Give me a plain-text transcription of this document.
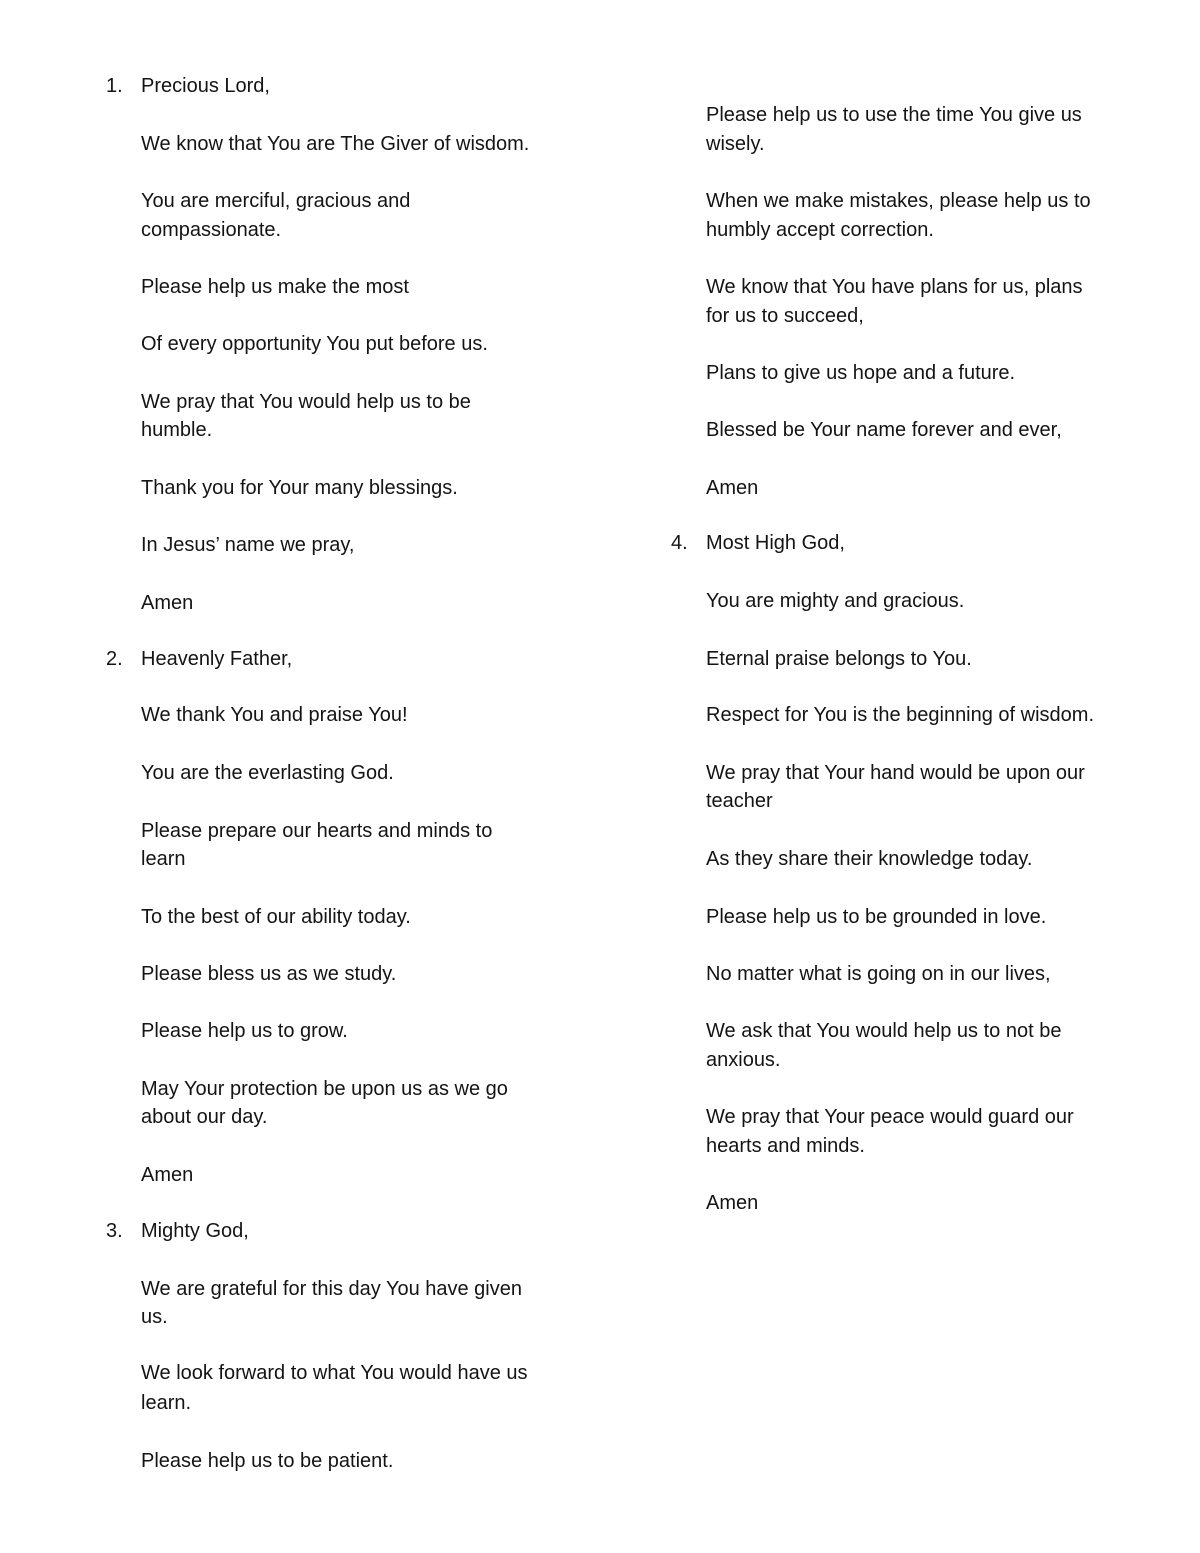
1. Precious Lord,

We know that You are The Giver of wisdom.

You are merciful, gracious and

compassionate.

Please help us make the most

Of every opportunity You put before us.

We pray that You would help us to be

humble.

Thank you for Your many blessings.

In Jesus’ name we pray,

Amen

2. Heavenly Father,

We thank You and praise You!

You are the everlasting God.

Please prepare our hearts and minds to

learn

To the best of our ability today.

Please bless us as we study.

Please help us to grow.

May Your protection be upon us as we go

about our day.

Amen

3. Mighty God,

We are grateful for this day You have given

us.

We look forward to what You would have us

learn.

Please help us to be patient.

Please help us to use the time You give us

wisely.

When we make mistakes, please help us to

humbly accept correction.

We know that You have plans for us, plans

for us to succeed,

Plans to give us hope and a future.

Blessed be Your name forever and ever,

Amen

4. Most High God,

You are mighty and gracious.

Eternal praise belongs to You.

Respect for You is the beginning of wisdom.

We pray that Your hand would be upon our

teacher

As they share their knowledge today.

Please help us to be grounded in love.

No matter what is going on in our lives,

We ask that You would help us to not be

anxious.

We pray that Your peace would guard our

hearts and minds.

Amen
